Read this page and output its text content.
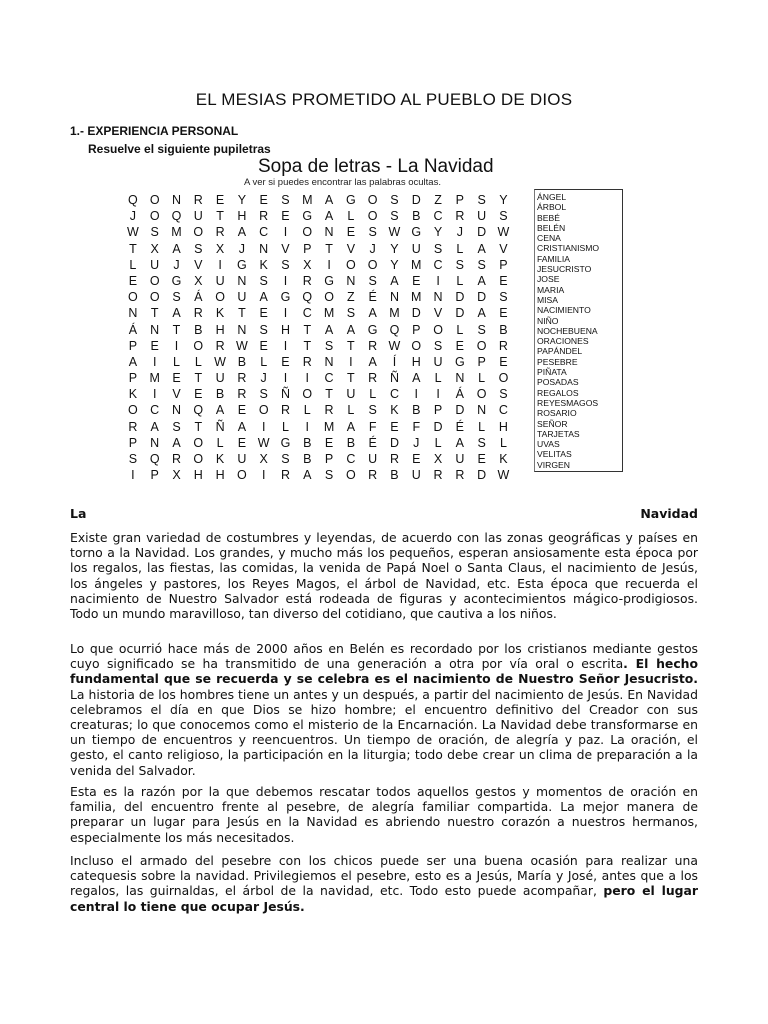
EL MESIAS PROMETIDO AL PUEBLO DE DIOS
1.- EXPERIENCIA PERSONAL
Resuelve el siguiente pupiletras
Sopa de letras - La Navidad
A ver si puedes encontrar las palabras ocultas.
Q O N	R	E	Y	E	S M A	G O	S	D	Z	P	S	Y
J	O Q U	T	H	R	E	G	A	L	O	S	B	C	R	U	S
W S M O R	A	C	I	O N	E	S W G	Y	J	D W
T	X	A	S	X	J	N	V	P	T	V	J	Y	U	S	L	A	V
L	U	J	V	I	G	K	S	X	I	O O	Y M C	S	S	P
E	O G	X	U	N	S	I	R G N	S	A	E	I	L	A	E
O O	S	Á	O U	A	G Q O	Z	É	N M N	D	D	S
N	T	A	R	K	T	E	I	C M S	A M D	V	D	A	E
Á	N	T	B	H	N	S	H	T	A	A	G Q	P	O	L	S	B
P	E	I	O R W E	I	T	S	T	R W O	S	E	O R
A	I	L	L W B	L	E	R	N	I	A	Í	H	U G	P	E
P M E	T	U	R	J	I	I	C	T	R	Ñ	A	L	N	L	O
K	I	V	E	B	R	S	Ñ O	T	U	L	C	I	I	Á	O	S
O C	N Q	A	E	O R	L	R	L	S	K	B	P	D	N	C
R	A	S	T	Ñ	A	I	L	I	M A	F	E	F	D	É	L	H
P	N	A	O	L	E W G	B	E	B	É	D	J	L	A	S	L
S	Q R O	K	U	X	S	B	P	C	U	R	E	X	U	E	K
I	P	X	H	H O	I	R	A	S	O R	B	U	R	R	D W
ÁNGEL
ÁRBOL
BEBÉ
BELÉN
CENA
CRISTIANISMO
FAMILIA
JESUCRISTO
JOSE
MARIA
MISA
NACIMIENTO
NIÑO
NOCHEBUENA
ORACIONES
PAPÁNDEL
PESEBRE
PIÑATA
POSADAS
REGALOS
REYESMAGOS
ROSARIO
SEÑOR
TARJETAS
UVAS
VELITAS
VIRGEN
La	Navidad

Existe gran variedad de costumbres y leyendas, de acuerdo con las zonas geográficas y países en torno a la Navidad. Los grandes, y mucho más los pequeños, esperan ansiosamente esta época por los regalos, las fiestas, las comidas, la venida de Papá Noel o Santa Claus, el nacimiento de Jesús, los ángeles y pastores, los Reyes Magos, el árbol de Navidad, etc. Esta época que recuerda el nacimiento de Nuestro Salvador está rodeada de figuras y acontecimientos mágico-prodigiosos. Todo un mundo maravilloso, tan diverso del cotidiano, que cautiva a los niños.

Lo que ocurrió hace más de 2000 años en Belén es recordado por los cristianos mediante gestos cuyo significado se ha transmitido de una generación a otra por vía oral o escrita. El hecho fundamental que se recuerda y se celebra es el nacimiento de Nuestro Señor Jesucristo. La historia de los hombres tiene un antes y un después, a partir del nacimiento de Jesús. En Navidad celebramos el día en que Dios se hizo hombre; el encuentro definitivo del Creador con sus creaturas; lo que conocemos como el misterio de la Encarnación. La Navidad debe transformarse en un tiempo de encuentros y reencuentros. Un tiempo de oración, de alegría y paz. La oración, el gesto, el canto religioso, la participación en la liturgia; todo debe crear un clima de preparación a la venida del Salvador.

Esta es la razón por la que debemos rescatar todos aquellos gestos y momentos de oración en familia, del encuentro frente al pesebre, de alegría familiar compartida. La mejor manera de preparar un lugar para Jesús en la Navidad es abriendo nuestro corazón a nuestros hermanos, especialmente los más necesitados.

Incluso el armado del pesebre con los chicos puede ser una buena ocasión para realizar una catequesis sobre la navidad. Privilegiemos el pesebre, esto es a Jesús, María y José, antes que a los regalos, las guirnaldas, el árbol de la navidad, etc. Todo esto puede acompañar, pero el lugar central lo tiene que ocupar Jesús.
